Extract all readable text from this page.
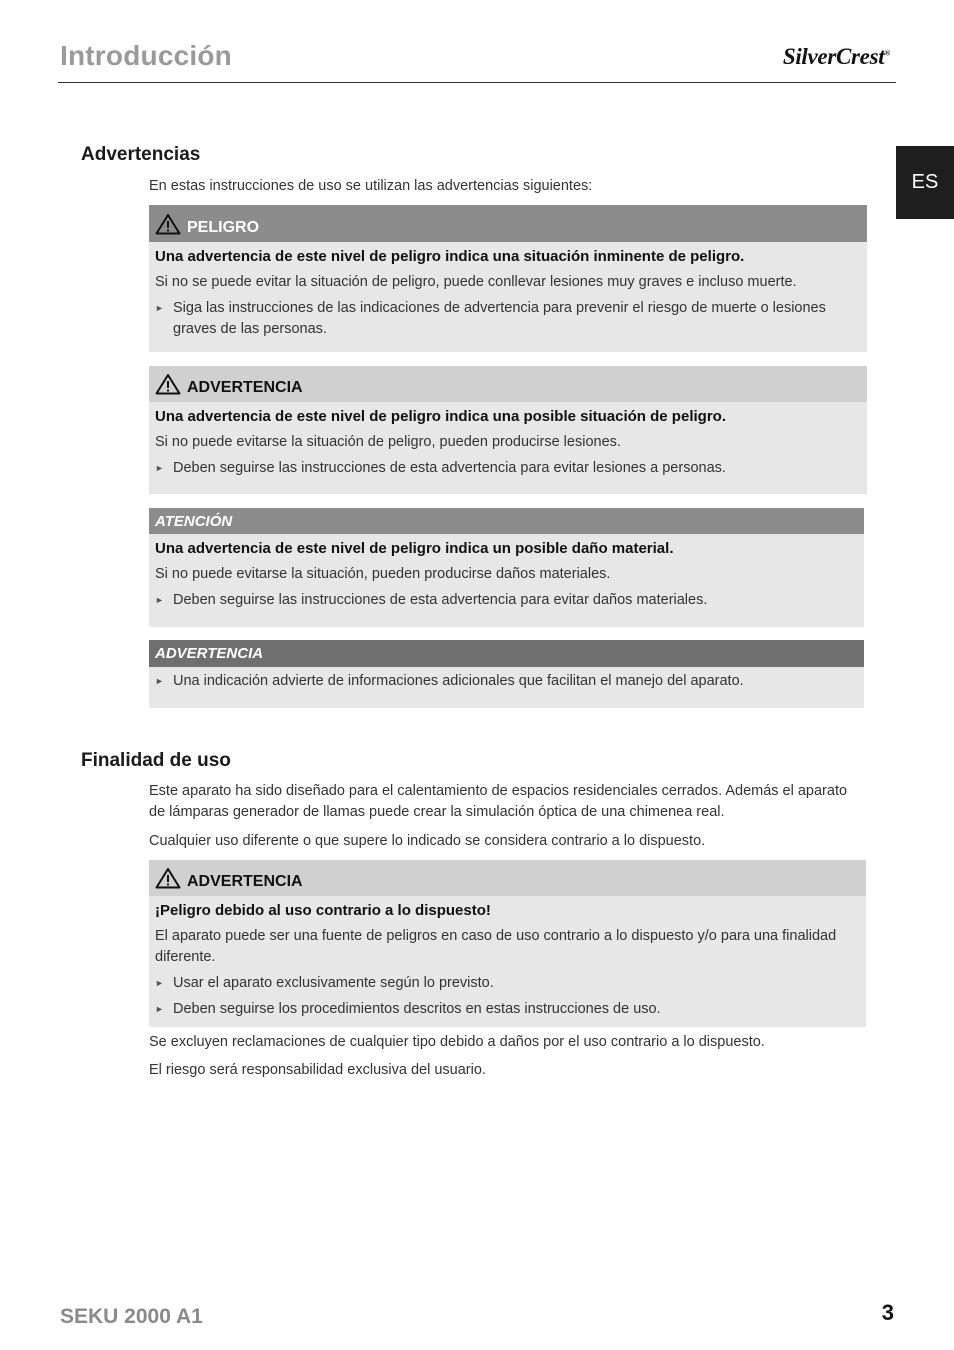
Introducción	SilverCrest®
ES
Advertencias
En estas instrucciones de uso se utilizan las advertencias siguientes:
PELIGRO
Una advertencia de este nivel de peligro indica una situación inminente de peligro.
Si no se puede evitar la situación de peligro, puede conllevar lesiones muy graves e incluso muerte.
► Siga las instrucciones de las indicaciones de advertencia para prevenir el riesgo de muerte o lesiones graves de las personas.
ADVERTENCIA
Una advertencia de este nivel de peligro indica una posible situación de peligro.
Si no puede evitarse la situación de peligro, pueden producirse lesiones.
► Deben seguirse las instrucciones de esta advertencia para evitar lesiones a personas.
ATENCIÓN
Una advertencia de este nivel de peligro indica un posible daño material.
Si no puede evitarse la situación, pueden producirse daños materiales.
► Deben seguirse las instrucciones de esta advertencia para evitar daños materiales.
ADVERTENCIA
► Una indicación advierte de informaciones adicionales que facilitan el manejo del aparato.
Finalidad de uso
Este aparato ha sido diseñado para el calentamiento de espacios residenciales cerrados. Además el aparato de lámparas generador de llamas puede crear la simulación óptica de una chimenea real.
Cualquier uso diferente o que supere lo indicado se considera contrario a lo dispuesto.
ADVERTENCIA
¡Peligro debido al uso contrario a lo dispuesto!
El aparato puede ser una fuente de peligros en caso de uso contrario a lo dispuesto y/o para una finalidad diferente.
► Usar el aparato exclusivamente según lo previsto.
► Deben seguirse los procedimientos descritos en estas instrucciones de uso.
Se excluyen reclamaciones de cualquier tipo debido a daños por el uso contrario a lo dispuesto.
El riesgo será responsabilidad exclusiva del usuario.
SEKU 2000 A1	3
